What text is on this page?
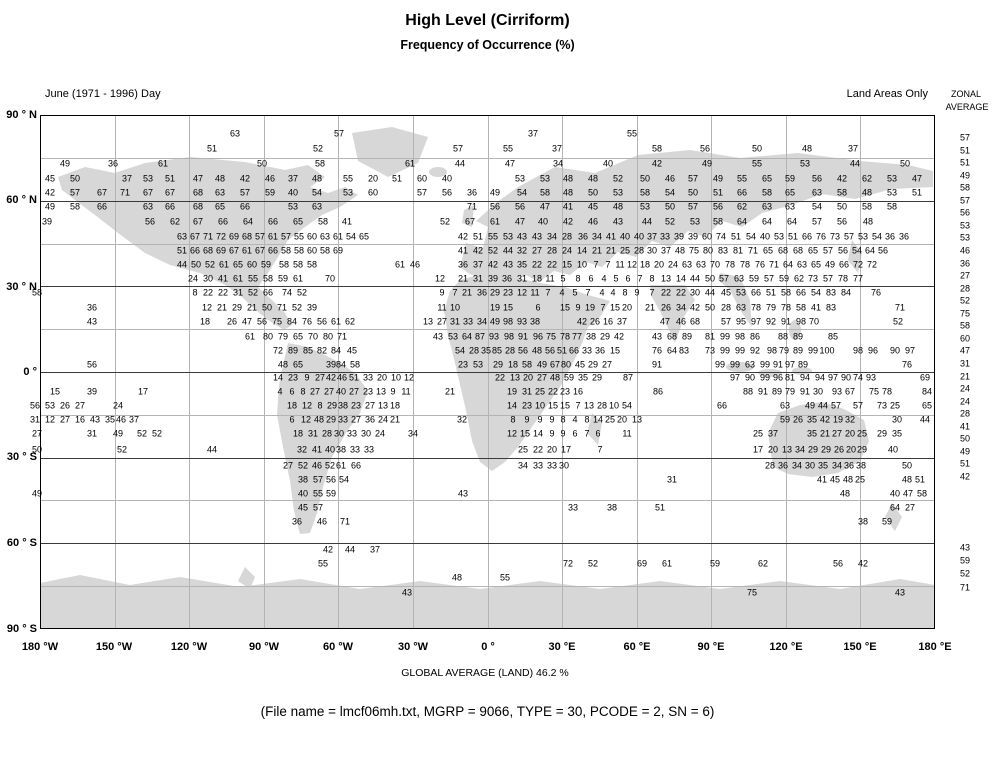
High Level (Cirriform)
Frequency of Occurrence (%)
June (1971 - 1996) Day	Land Areas Only	ZONAL
AVERAGE
63	57	37	55
51	52	57	55	37	58	56	50	48	37
49	36	61	50	58	61	44	47	34	40	42	49	55	53	44	50
45 50	37 53 51 47 48 42 46 37 48 55 20 51 60 40	53 53 48 48 52 50 46 57 49 55 65 59 56 42 62 53 47
42 57 67 71 67 67 68 63 57 59 40 54 53 60	57 56 36 49 54 58 48 50 53 58 54 50 51 66 58 65 63 58 48 53 51
49 58 66	63 66 68 65 66	53 63	71 56 56 47 41 45 48 53 50 57 56 62 63 63 54 50 58 58
39	56 62 67 66 64 66 65 58 41	52 67 61 47 40 42 46 43 44 52 53 58 64 64 64 57 56 48
63 67 71 72 69 68 57 61 57 55 60 63 61 54 65	42 51 55 53 43 43 34 28 36 34 41 40 40 37 33 39 39 60 74 51 54 40 53 51 66 76 73 57 53 54 36 36
51 66 68 69 67 61 67 66 58 58 60 58 69	41 42 52 44 32 27 28 24 14 21 21 25 28 30 37 48 75 80 83 81 71 65 68 68 65 57 56 54 64 56
44 50 52 61 65 60 59 58 58 58	61 46	36 37 42 43 35 22 22 15 10 7 7 11 12 18 20 24 63 63 70 78 78 76 71 64 63 65 49 66 72 72
24 30 41 61 55 58 59 61 70	12 21 31 39 36 31 18 11 5 8 6 4 5 6 7 8 13 14 44 50 57 63 59 57 59 62 73 57 78 77
58	8 22 22 31 52 66 74 52	9 7 21 36 29 23 12 11 7 4 5 7 4 4 8 9 7 22 22 30 44 45 53 66 51 58 66 54 83 84 76
36	12 21 29 21 50 71 52 39	11 10	19 15 6 15 9 19 7 15 20 21 26 34 42 50 28 63 78 79 78 58 41 83	71
43	18 26 47 56 75 84 76 56 61 62	13 27 31 33 34 49 98 93 38	42 26 16 37	47 46 68 57 95 97 92 91 98 70	52
61 80 79 65 70 80 71	43 53 64 87 93 98 91 96 75 78 77 38 29 42	43 68 89 81 99 98 86 88 89	85
72 89 85 82 84 45	54 28 35 85 28 56 48 56 51 66 33 36 15	76 64 83 73 99 99 92 98 79 89 99 100 98 96 90 97
56	48 65	39 84 58	23 53 29 18 58 49 67 80 45 29 27	91	99 99 63 99 91 97 89	76
14 23 9 27 42 46 51 33 20 10 12	22 13 20 27 48 59 35 29 87	97 90 99 96 81 94 94 97 90 74 93	69
15	39	17	4 6 8 27 27 40 27 23 13 9 11	21	19 31 25 22 23 16	86	88 91 89 79 91 30 93 67 75 78	84
56 53 26 27	24	18 12 8 29 38 23 27 13 18	14 23 10 15 15 7 13 28 10 54	66	63 49 44 57 57 73 25 65
31 12 27 16 43 35 46 37	6 12 48 29 33 27 36 24 21	32	8 9 9 9 8 4 8 14 25 20 13	59 26 35 42 19 32	30 44
27	31 49 52 52	18 31 28 30 33 30 24	34	12 15 14 9 9 6 7 6 11	25 37	35 21 27 20 25 29 35
50	52	44	32 41 40 38 33 33	25 22 20 17	7	17 20 13 34 29 29 26 20 29 40
27 52 46 52 61 66	34 33 33 30	28 36 34 30 35 34 36 38	50
38 57 56 54	31	41 45 48 25	48 51
49	40 55 59	43	48	40 47 58
45 57	33	38	51	64 27
36 46 71	38 59
42 44 37
55	72 52	69 61	59	62	56 42
48	55
43	75	43
57
51
51
49
58
57
56
53
53
46
36
27
28
52
75
58
60
47
31
21
24
24
28
41
50
49
51
42
43
59
52
71
90 ° N
60 ° N
30 ° N
0 °
30 ° S
60 ° S
90 ° S
180 °W	150 °W	120 °W	90 °W	60 °W	30 °W	0 °	30 °E	60 °E	90 °E	120 °E	150 °E	180 °E
GLOBAL AVERAGE (LAND) 46.2 %
(File name = lmcf06mh.txt, MGRP = 9066, TYPE = 30, PCODE = 2, SN = 6)
